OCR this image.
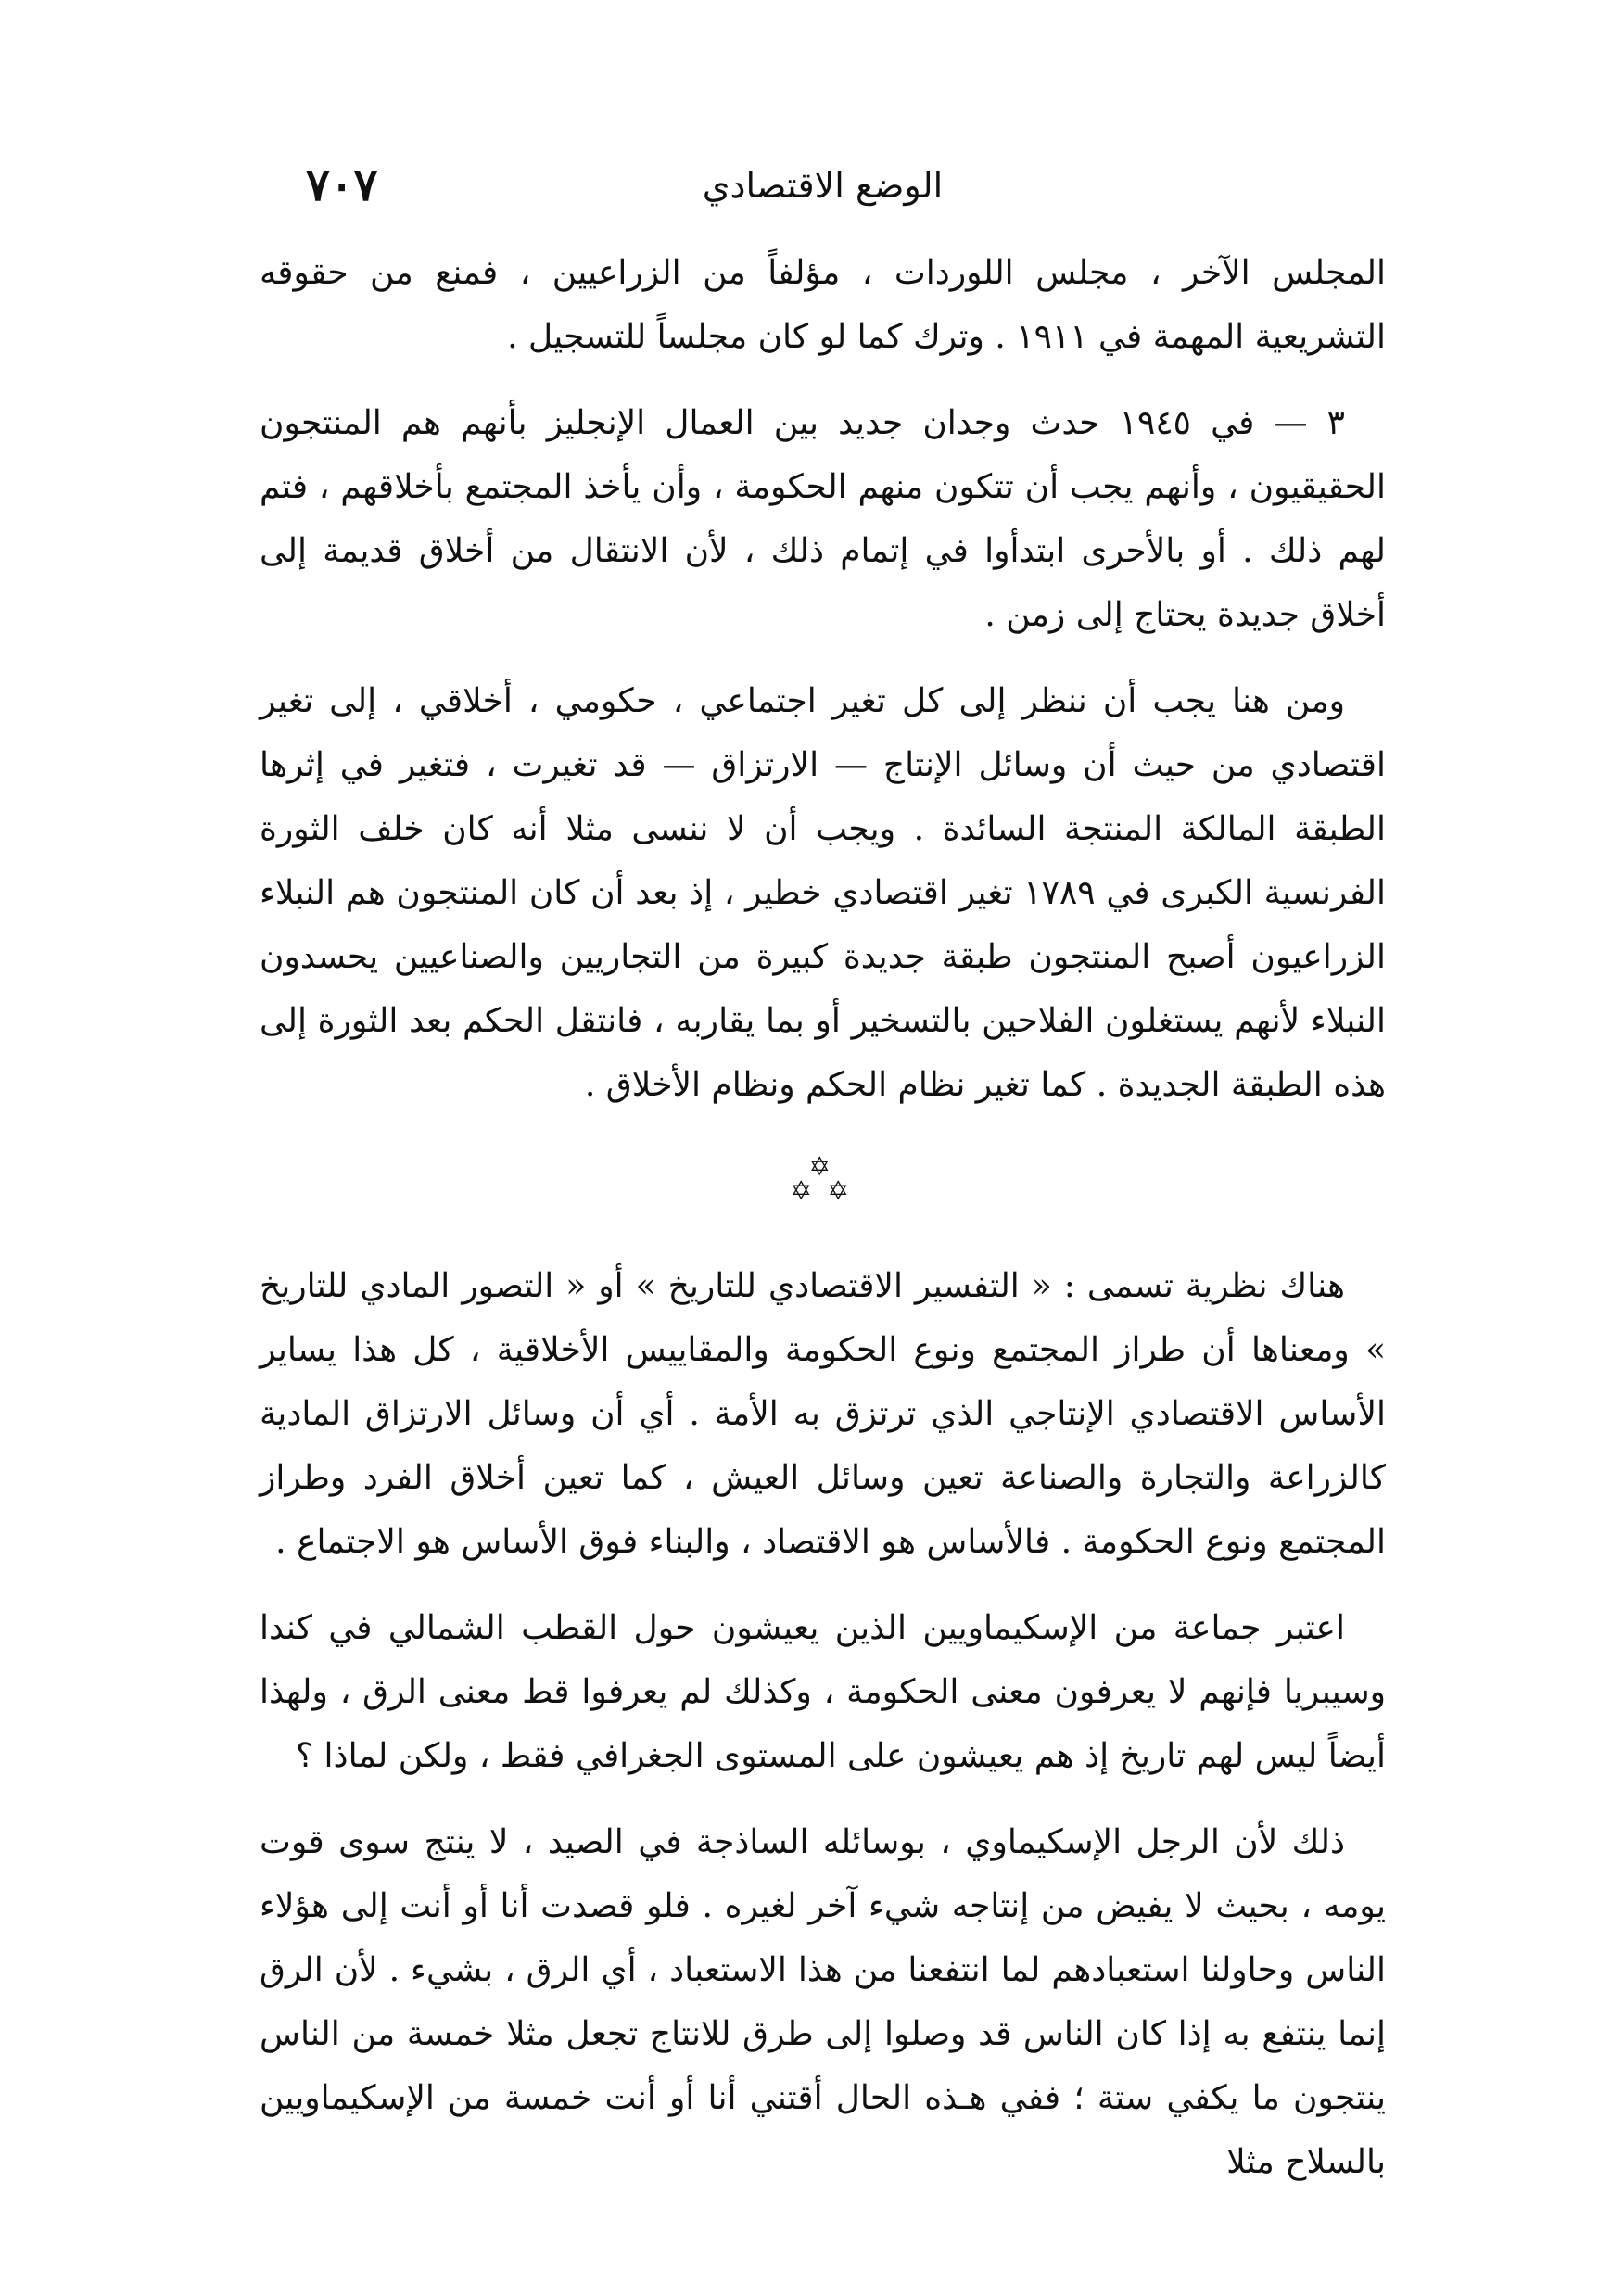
الوضع الاقتصادي
٧٠٧

المجلس الآخر ، مجلس اللوردات ، مؤلفاً من الزراعيين ، فمنع من حقوقه التشريعية المهمة في ١٩١١ . وترك كما لو كان مجلساً للتسجيل .

٣ — في ١٩٤٥ حدث وجدان جديد بين العمال الإنجليز بأنهم هم المنتجون الحقيقيون ، وأنهم يجب أن تتكون منهم الحكومة ، وأن يأخذ المجتمع بأخلاقهم ، فتم لهم ذلك . أو بالأحرى ابتدأوا في إتمام ذلك ، لأن الانتقال من أخلاق قديمة إلى أخلاق جديدة يحتاج إلى زمن .

ومن هنا يجب أن ننظر إلى كل تغير اجتماعي ، حكومي ، أخلاقي ، إلى تغير اقتصادي من حيث أن وسائل الإنتاج — الارتزاق — قد تغيرت ، فتغير في إثرها الطبقة المالكة المنتجة السائدة . ويجب أن لا ننسى مثلا أنه كان خلف الثورة الفرنسية الكبرى في ١٧٨٩ تغير اقتصادي خطير ، إذ بعد أن كان المنتجون هم النبلاء الزراعيون أصبح المنتجون طبقة جديدة كبيرة من التجاريين والصناعيين يحسدون النبلاء لأنهم يستغلون الفلاحين بالتسخير أو بما يقاربه ، فانتقل الحكم بعد الثورة إلى هذه الطبقة الجديدة . كما تغير نظام الحكم ونظام الأخلاق .

✡
✡
✡

هناك نظرية تسمى : « التفسير الاقتصادي للتاريخ » أو « التصور المادي للتاريخ » ومعناها أن طراز المجتمع ونوع الحكومة والمقاييس الأخلاقية ، كل هذا يساير الأساس الاقتصادي الإنتاجي الذي ترتزق به الأمة . أي أن وسائل الارتزاق المادية كالزراعة والتجارة والصناعة تعين وسائل العيش ، كما تعين أخلاق الفرد وطراز المجتمع ونوع الحكومة . فالأساس هو الاقتصاد ، والبناء فوق الأساس هو الاجتماع .

اعتبر جماعة من الإسكيماويين الذين يعيشون حول القطب الشمالي في كندا وسيبريا فإنهم لا يعرفون معنى الحكومة ، وكذلك لم يعرفوا قط معنى الرق ، ولهذا أيضاً ليس لهم تاريخ إذ هم يعيشون على المستوى الجغرافي فقط ، ولكن لماذا ؟

ذلك لأن الرجل الإسكيماوي ، بوسائله الساذجة في الصيد ، لا ينتج سوى قوت يومه ، بحيث لا يفيض من إنتاجه شيء آخر لغيره . فلو قصدت أنا أو أنت إلى هؤلاء الناس وحاولنا استعبادهم لما انتفعنا من هذا الاستعباد ، أي الرق ، بشيء . لأن الرق إنما ينتفع به إذا كان الناس قد وصلوا إلى طرق للانتاج تجعل مثلا خمسة من الناس ينتجون ما يكفي ستة ؛ ففي هـذه الحال أقتني أنا أو أنت خمسة من الإسكيماويين بالسلاح مثلا
